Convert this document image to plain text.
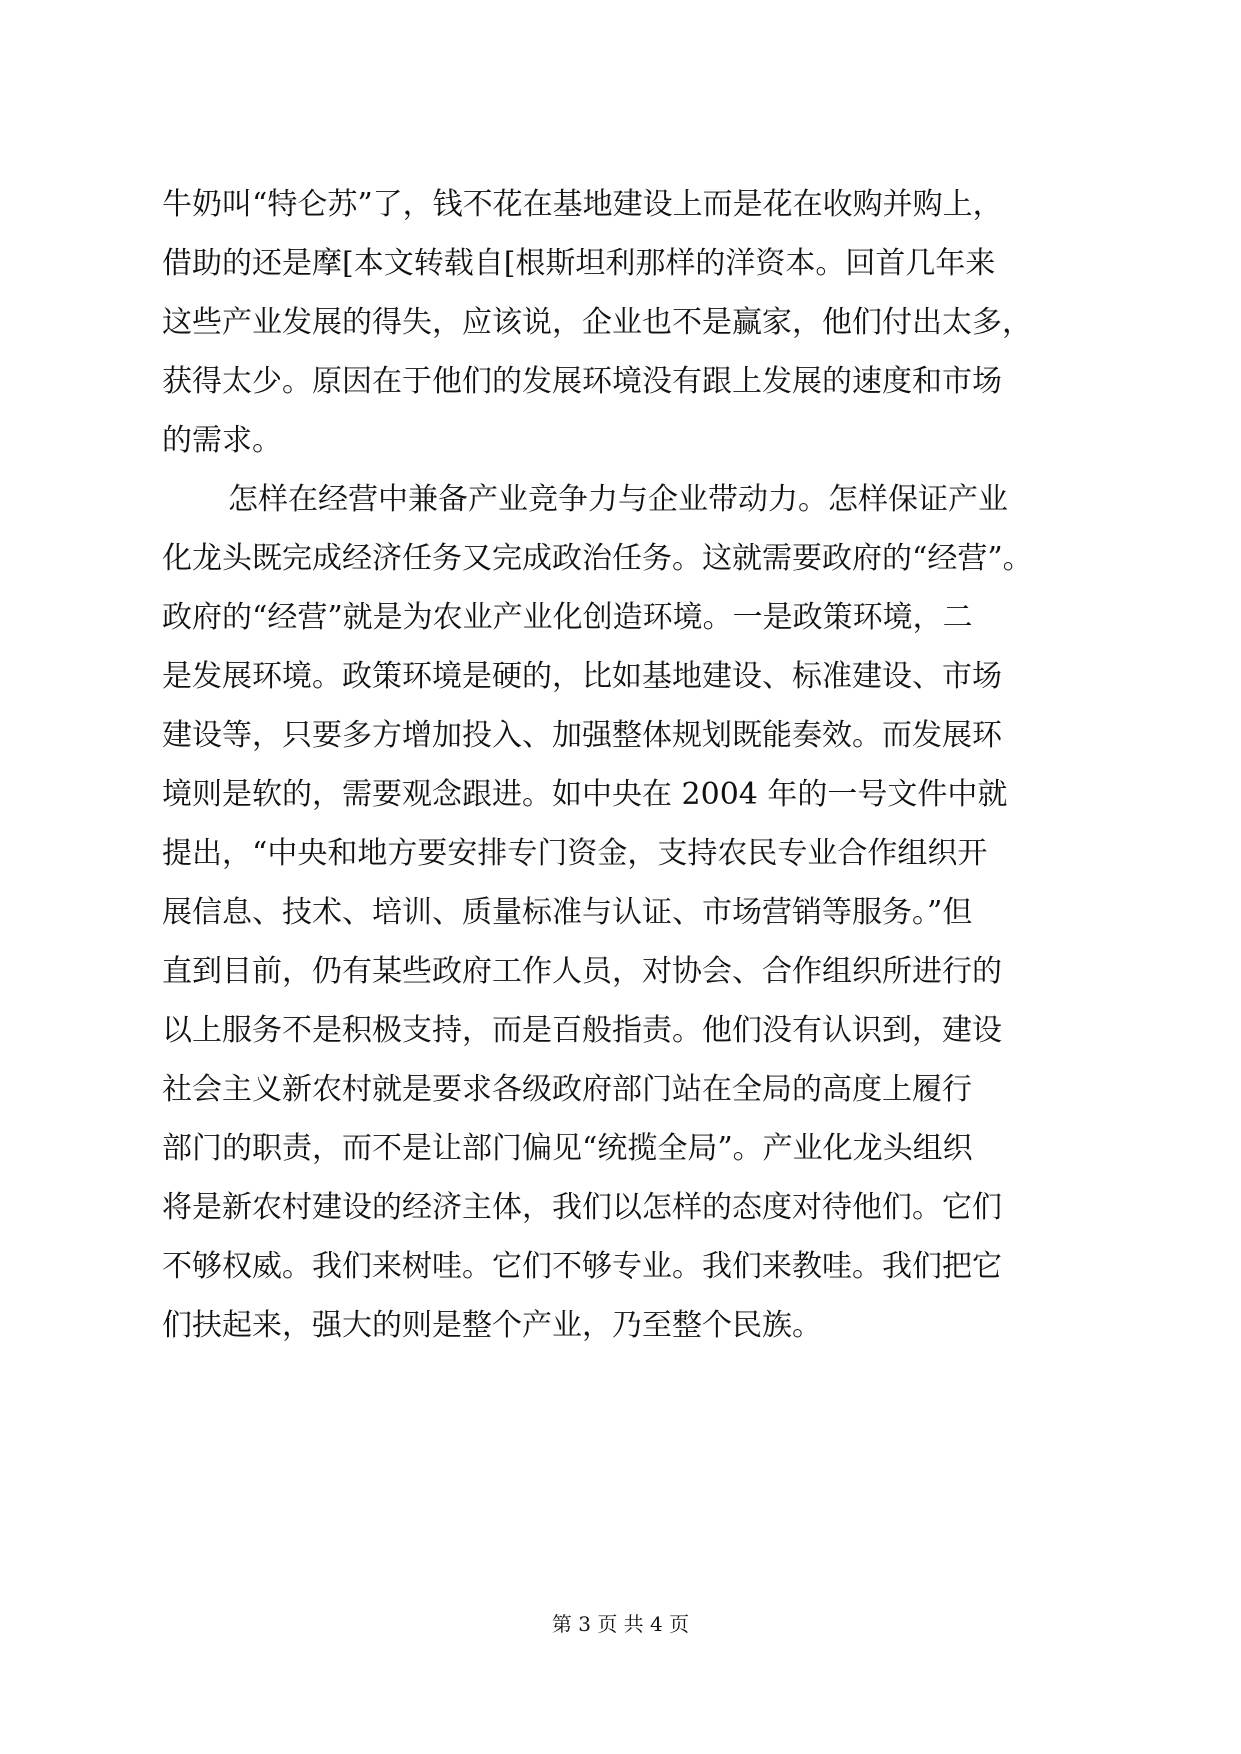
牛奶叫“特仑苏”了，钱不花在基地建设上而是花在收购并购上，
借助的还是摩[本文转载自[根斯坦利那样的洋资本。回首几年来
这些产业发展的得失，应该说，企业也不是赢家，他们付出太多，
获得太少。原因在于他们的发展环境没有跟上发展的速度和市场
的需求。
怎样在经营中兼备产业竞争力与企业带动力。怎样保证产业
化龙头既完成经济任务又完成政治任务。这就需要政府的“经营”。
政府的“经营”就是为农业产业化创造环境。一是政策环境，二
是发展环境。政策环境是硬的，比如基地建设、标准建设、市场
建设等，只要多方增加投入、加强整体规划既能奏效。而发展环
境则是软的，需要观念跟进。如中央在 2004 年的一号文件中就
提出，“中央和地方要安排专门资金，支持农民专业合作组织开
展信息、技术、培训、质量标准与认证、市场营销等服务。”但
直到目前，仍有某些政府工作人员，对协会、合作组织所进行的
以上服务不是积极支持，而是百般指责。他们没有认识到，建设
社会主义新农村就是要求各级政府部门站在全局的高度上履行
部门的职责，而不是让部门偏见“统揽全局”。产业化龙头组织
将是新农村建设的经济主体，我们以怎样的态度对待他们。它们
不够权威。我们来树哇。它们不够专业。我们来教哇。我们把它
们扶起来，强大的则是整个产业，乃至整个民族。
第 3 页 共 4 页
